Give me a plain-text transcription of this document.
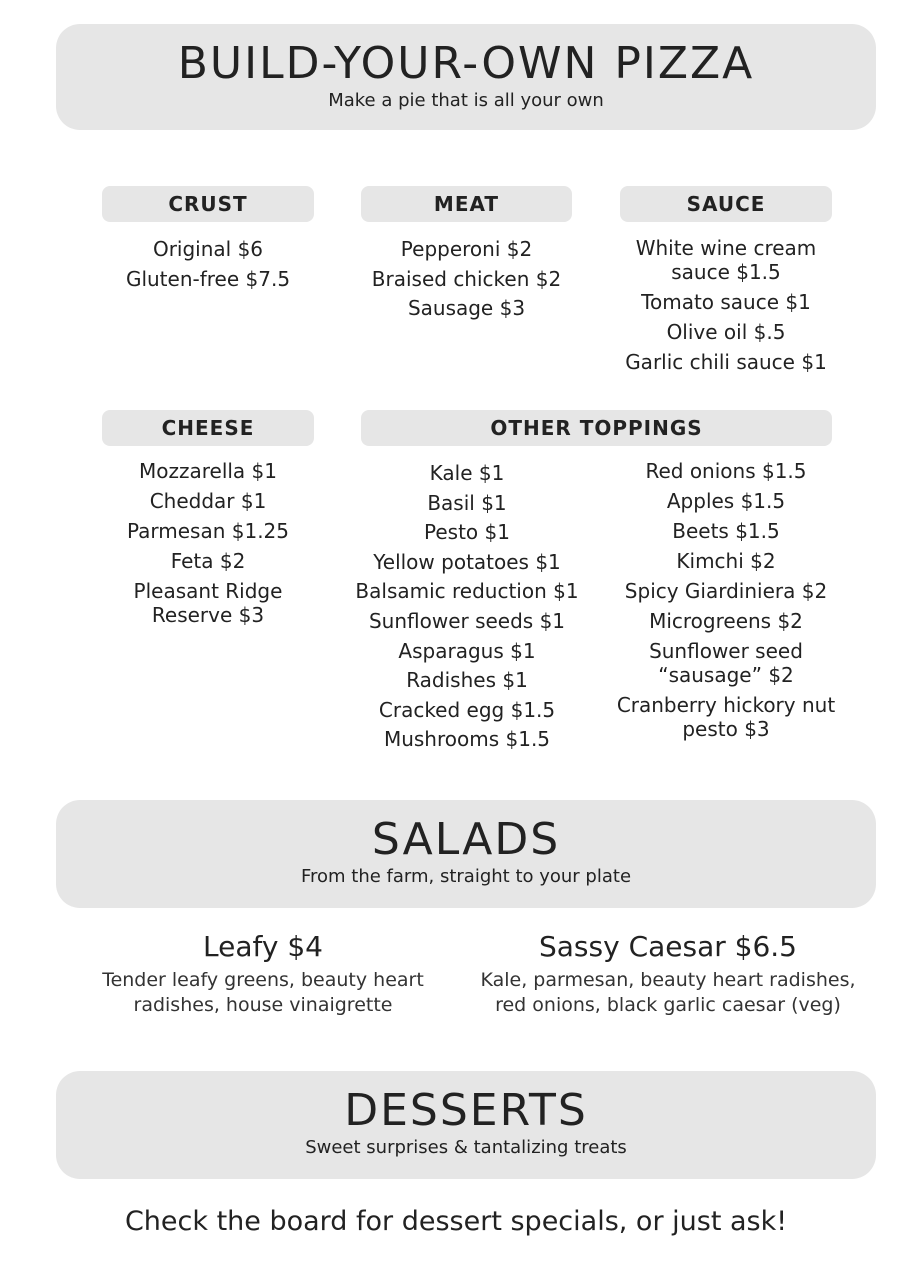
BUILD-YOUR-OWN PIZZA
Make a pie that is all your own
CRUST	MEAT	SAUCE
CHEESE	OTHER TOPPINGS
Original $6
Gluten-free $7.5
Pepperoni $2
Braised chicken $2
Sausage $3
White wine cream sauce $1.5
Tomato sauce $1
Olive oil $.5
Garlic chili sauce $1
Mozzarella $1
Cheddar $1
Parmesan $1.25
Feta $2
Pleasant Ridge Reserve $3
Kale $1
Basil $1
Pesto $1
Yellow potatoes $1
Balsamic reduction $1
Sunflower seeds $1
Asparagus $1
Radishes $1
Cracked egg $1.5
Mushrooms $1.5
Red onions $1.5
Apples $1.5
Beets $1.5
Kimchi $2
Spicy Giardiniera $2
Microgreens $2
Sunflower seed “sausage” $2
Cranberry hickory nut pesto $3
SALADS
From the farm, straight to your plate
Leafy $4
Tender leafy greens, beauty heart radishes, house vinaigrette
Sassy Caesar $6.5
Kale, parmesan, beauty heart radishes, red onions, black garlic caesar (veg)
DESSERTS
Sweet surprises & tantalizing treats
Check the board for dessert specials, or just ask!
